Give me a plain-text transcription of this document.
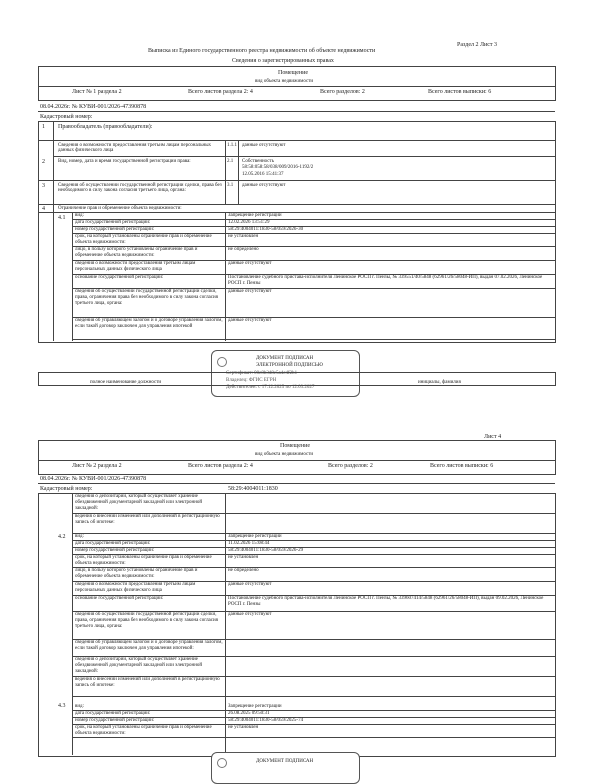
Раздел 2 Лист 3
Выписка из Единого государственного реестра недвижимости об объекте недвижимости
Сведения о зарегистрированных правах
Помещение
вид объекта недвижимости
Лист № 1 раздела 2	Всего листов раздела 2: 4	Всего разделов: 2	Всего листов выписки: 6
08.04.2026г. № КУВИ-001/2026-47390878
Кадастровый номер:
1 Правообладатель (правообладатели):
Сведения о возможности предоставления третьим лицам персональных данных физического лица
1.1.1 данные отсутствуют
2	Вид, номер, дата и время государственной регистрации права:	2.1 Собственность
58:58:058:58/038/009/2016-1192/2
12.05.2016 15:41:37
3	Сведения об осуществлении государственной регистрации сделки, права без необходимого в силу закона согласия третьего лица, органа:
3.1 данные отсутствуют
4	Ограничение прав и обременение объекта недвижимости:
4.1 вид:	Запрещение регистрации
дата государственной регистрации:	12.02.2026 13:51:29
номер государственной регистрации:	58:29:4004011:1830-58/059/2026-30
срок, на который установлены ограничение прав и обременение объекта недвижимости:
не установлен
лицо, в пользу которого установлены ограничение прав и обременение объекта недвижимости:
не определено
сведения о возможности предоставления третьим лицам персональных данных физического лица
данные отсутствуют
основание государственной регистрации:	Постановление судебного пристава-исполнителя Ленинское РОСП г. Пензы, № 339551/40/5848 (62961/26/58048-ИП), выдан 07.02.2026, Ленинское РОСП г. Пензы
сведения об осуществлении государственной регистрации сделки, права, ограничения права без необходимого в силу закона согласия третьего лица, органа:
данные отсутствуют
сведения об управляющем залогом и о договоре управления залогом, если такой договор заключен для управления ипотекой
данные отсутствуют
ДОКУМЕНТ ПОДПИСАН
ЭЛЕКТРОННОЙ ПОДПИСЬЮ
Сертификат: 00e8b3d8e5a4c4f2b1
Владелец: ФГИС ЕГРН
Действителен: с 17.12.2025 по 12.03.2027
полное наименование должности	инициалы, фамилия
Лист 4
Помещение
вид объекта недвижимости
Лист № 2 раздела 2	Всего листов раздела 2: 4	Всего разделов: 2	Всего листов выписки: 6
08.04.2026г. № КУВИ-001/2026-47390878
Кадастровый номер:	58:29:4004011:1830
сведения о депозитарии, который осуществляет хранение обездвиженной документарной закладной или электронной закладной:
ведения о внесении изменений или дополнений в регистрационную запись об ипотеке:
4.2 вид:	Запрещение регистрации
дата государственной регистрации:	11.02.2026 15:08:44
номер государственной регистрации:	58:29:4004011:1830-58/059/2026-29
срок, на который установлены ограничение прав и обременение объекта недвижимости:
не установлен
лицо, в пользу которого установлены ограничение прав и обременение объекта недвижимости:
не определено
сведения о возможности предоставления третьим лицам персональных данных физического лица
данные отсутствуют
основание государственной регистрации:	Постановление судебного пристава-исполнителя Ленинское РОСП г. Пензы, № 339607414/5848 (62961/26/58048-ИП), выдан 09.02.2026, Ленинское РОСП г. Пензы
сведения об осуществлении государственной регистрации сделки, права, ограничения права без необходимого в силу закона согласия третьего лица, органа:
данные отсутствуют
сведения об управляющем залогом и о договоре управления залогом, если такой договор заключен для управления ипотекой:
сведения о депозитарии, который осуществляет хранение обездвиженной документарной закладной или электронной закладной:
ведения о внесении изменений или дополнений в регистрационную запись об ипотеке:
4.3 вид:	Запрещение регистрации
дата государственной регистрации:	26.08.2025 09:50:31
номер государственной регистрации:	58:29:4004011:1830-58/059/2025-74
срок, на который установлены ограничение прав и обременение объекта недвижимости:
не установлен
ДОКУМЕНТ ПОДПИСАН
